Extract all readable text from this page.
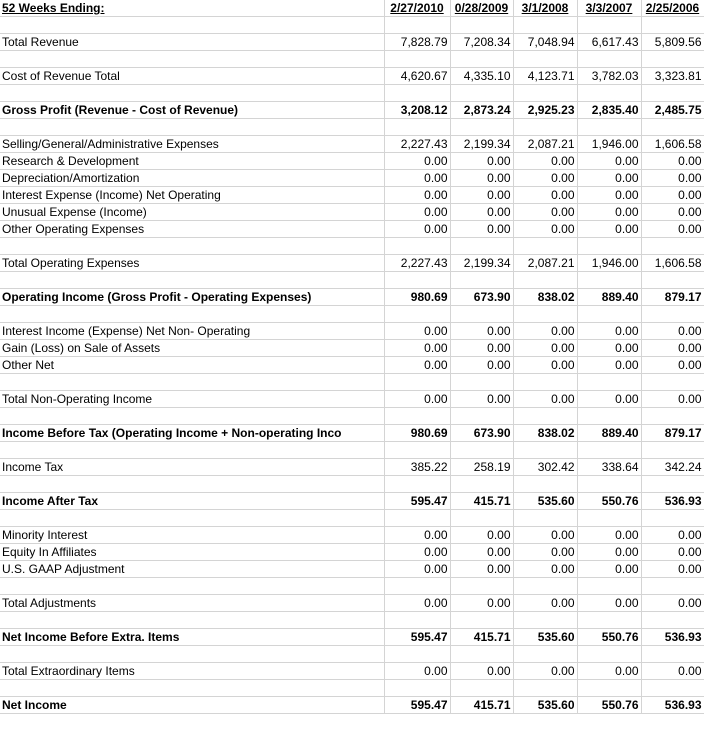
52 Weeks Ending:	2/27/2010	0/28/2009	3/1/2008	3/3/2007	2/25/2006

Total Revenue	7,828.79	7,208.34	7,048.94	6,617.43	5,809.56

Cost of Revenue Total	4,620.67	4,335.10	4,123.71	3,782.03	3,323.81

Gross Profit (Revenue - Cost of Revenue)	3,208.12	2,873.24	2,925.23	2,835.40	2,485.75

Selling/General/Administrative Expenses	2,227.43	2,199.34	2,087.21	1,946.00	1,606.58
Research & Development	0.00	0.00	0.00	0.00	0.00
Depreciation/Amortization	0.00	0.00	0.00	0.00	0.00
Interest Expense (Income) Net Operating	0.00	0.00	0.00	0.00	0.00
Unusual Expense (Income)	0.00	0.00	0.00	0.00	0.00
Other Operating Expenses	0.00	0.00	0.00	0.00	0.00

Total Operating Expenses	2,227.43	2,199.34	2,087.21	1,946.00	1,606.58

Operating Income (Gross Profit - Operating Expenses)	980.69	673.90	838.02	889.40	879.17

Interest Income (Expense) Net Non- Operating	0.00	0.00	0.00	0.00	0.00
Gain (Loss) on Sale of Assets	0.00	0.00	0.00	0.00	0.00
Other Net	0.00	0.00	0.00	0.00	0.00

Total Non-Operating Income	0.00	0.00	0.00	0.00	0.00

Income Before Tax (Operating Income + Non-operating Inco	980.69	673.90	838.02	889.40	879.17

Income Tax	385.22	258.19	302.42	338.64	342.24

Income After Tax	595.47	415.71	535.60	550.76	536.93

Minority Interest	0.00	0.00	0.00	0.00	0.00
Equity In Affiliates	0.00	0.00	0.00	0.00	0.00
U.S. GAAP Adjustment	0.00	0.00	0.00	0.00	0.00

Total Adjustments	0.00	0.00	0.00	0.00	0.00

Net Income Before Extra. Items	595.47	415.71	535.60	550.76	536.93

Total Extraordinary Items	0.00	0.00	0.00	0.00	0.00

Net Income	595.47	415.71	535.60	550.76	536.93
